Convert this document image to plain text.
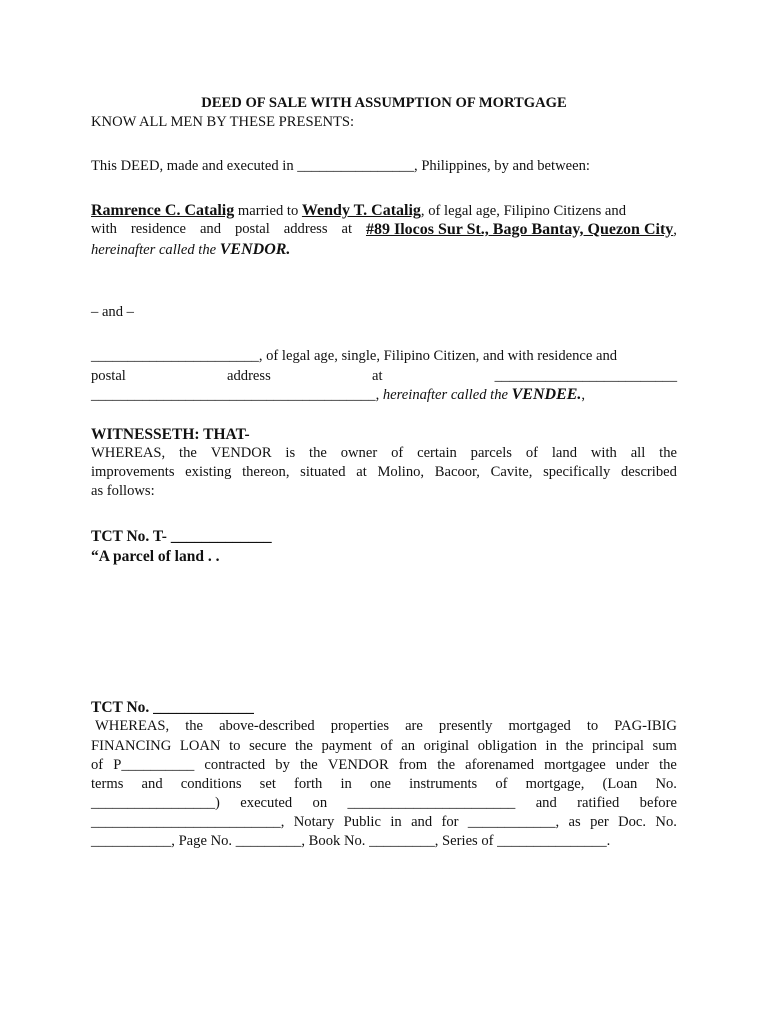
DEED OF SALE WITH ASSUMPTION OF MORTGAGE
KNOW ALL MEN BY THESE PRESENTS:
This DEED, made and executed in ________________, Philippines, by and between:
Ramrence C. Catalig married to Wendy T. Catalig, of legal age, Filipino Citizens and
with residence and postal address at #89 Ilocos Sur St., Bago Bantay, Quezon City,
hereinafter called the VENDOR.
– and –
_______________________, of legal age, single, Filipino Citizen, and with residence and
postal	address	at	_________________________
_______________________________________, hereinafter called the VENDEE.,
WITNESSETH: THAT-
WHEREAS, the VENDOR is the owner of certain parcels of land with all the
improvements existing thereon, situated at Molino, Bacoor, Cavite, specifically described
as follows:
TCT No. T- _____________
“A parcel of land . .
TCT No. _____________
WHEREAS, the above-described properties are presently mortgaged to PAG-IBIG
FINANCING LOAN to secure the payment of an original obligation in the principal sum
of P__________ contracted by the VENDOR from the aforenamed mortgagee under the
terms and conditions set forth in one instruments of mortgage, (Loan No.
_________________) executed on _______________________ and ratified before
__________________________, Notary Public in and for ____________, as per Doc. No.
___________, Page No. _________, Book No. _________, Series of _______________.
